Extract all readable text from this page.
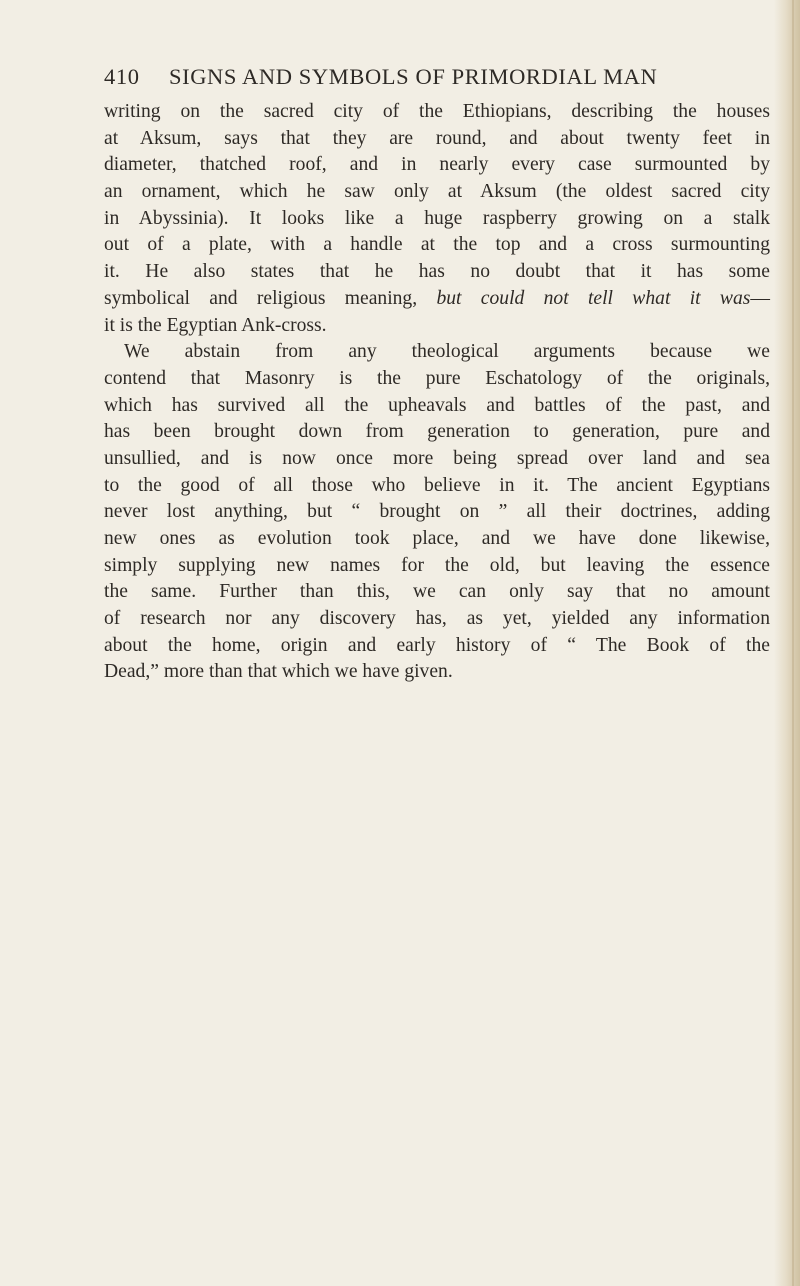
410 SIGNS AND SYMBOLS OF PRIMORDIAL MAN
writing on the sacred city of the Ethiopians, describing the houses
at Aksum, says that they are round, and about twenty feet in
diameter, thatched roof, and in nearly every case surmounted by
an ornament, which he saw only at Aksum (the oldest sacred city
in Abyssinia). It looks like a huge raspberry growing on a stalk
out of a plate, with a handle at the top and a cross surmounting
it. He also states that he has no doubt that it has some
symbolical and religious meaning, but could not tell what it was—
it is the Egyptian Ank-cross.
We abstain from any theological arguments because we
contend that Masonry is the pure Eschatology of the originals,
which has survived all the upheavals and battles of the past, and
has been brought down from generation to generation, pure and
unsullied, and is now once more being spread over land and sea
to the good of all those who believe in it. The ancient Egyptians
never lost anything, but “ brought on ” all their doctrines, adding
new ones as evolution took place, and we have done likewise,
simply supplying new names for the old, but leaving the essence
the same. Further than this, we can only say that no amount
of research nor any discovery has, as yet, yielded any information
about the home, origin and early history of “ The Book of the
Dead,” more than that which we have given.
